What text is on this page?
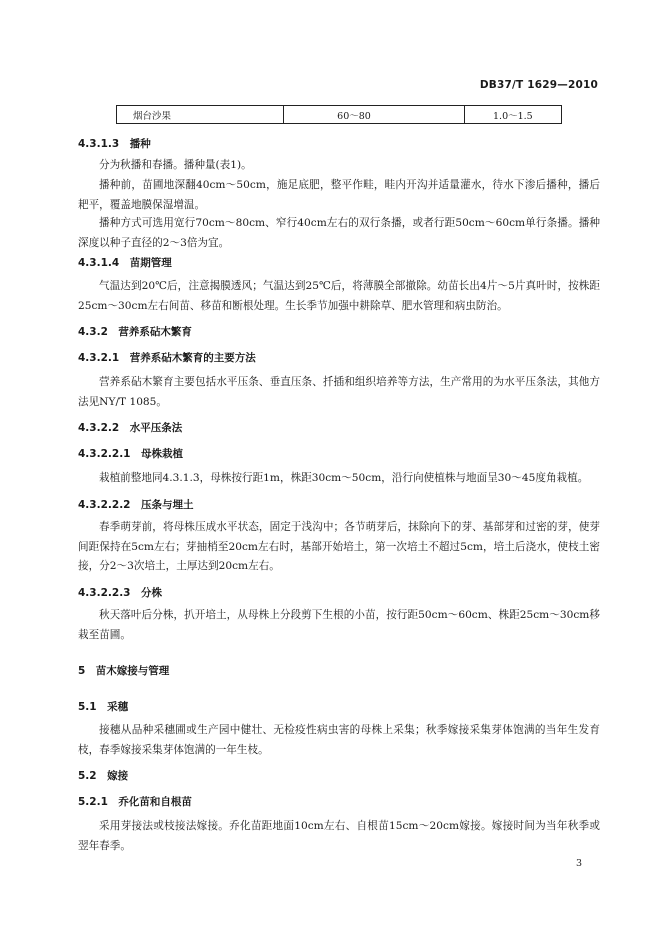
DB37/T 1629—2010
烟台沙果	60～80	1.0～1.5
4.3.1.3　播种
分为秋播和春播。播种量(表1)。
播种前，苗圃地深翻40cm～50cm，施足底肥，整平作畦，畦内开沟并适量灌水，待水下渗后播种，播后耙平，覆盖地膜保湿增温。
播种方式可选用宽行70cm～80cm、窄行40cm左右的双行条播，或者行距50cm～60cm单行条播。播种深度以种子直径的2～3倍为宜。
4.3.1.4　苗期管理
气温达到20℃后，注意揭膜透风；气温达到25℃后，将薄膜全部撤除。幼苗长出4片～5片真叶时，按株距25cm～30cm左右间苗、移苗和断根处理。生长季节加强中耕除草、肥水管理和病虫防治。
4.3.2　营养系砧木繁育
4.3.2.1　营养系砧木繁育的主要方法
营养系砧木繁育主要包括水平压条、垂直压条、扦插和组织培养等方法，生产常用的为水平压条法，其他方法见NY/T 1085。
4.3.2.2　水平压条法
4.3.2.2.1　母株栽植
栽植前整地同4.3.1.3，母株按行距1m，株距30cm～50cm，沿行向使植株与地面呈30～45度角栽植。
4.3.2.2.2　压条与埋土
春季萌芽前，将母株压成水平状态，固定于浅沟中；各节萌芽后，抹除向下的芽、基部芽和过密的芽，使芽间距保持在5cm左右；芽抽梢至20cm左右时，基部开始培土，第一次培土不超过5cm，培土后浇水，使枝土密接，分2～3次培土，土厚达到20cm左右。
4.3.2.2.3　分株
秋天落叶后分株，扒开培土，从母株上分段剪下生根的小苗，按行距50cm～60cm、株距25cm～30cm移栽至苗圃。
5　苗木嫁接与管理
5.1　采穗
接穗从品种采穗圃或生产园中健壮、无检疫性病虫害的母株上采集；秋季嫁接采集芽体饱满的当年生发育枝，春季嫁接采集芽体饱满的一年生枝。
5.2　嫁接
5.2.1　乔化苗和自根苗
采用芽接法或枝接法嫁接。乔化苗距地面10cm左右、自根苗15cm～20cm嫁接。嫁接时间为当年秋季或翌年春季。
3
